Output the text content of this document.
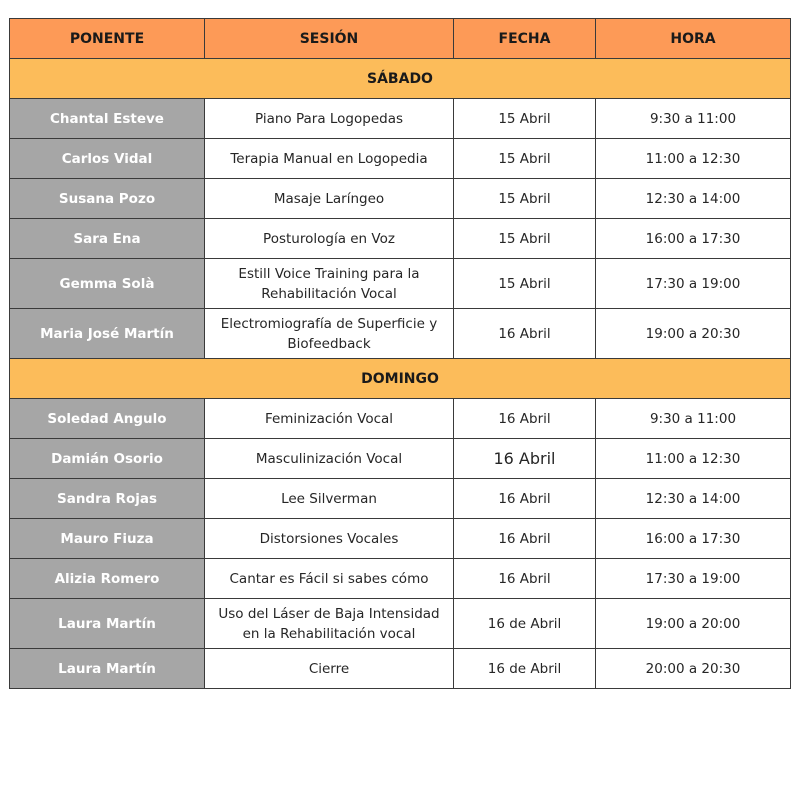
PONENTE	SESIÓN	FECHA	HORA
SÁBADO			
Chantal Esteve	Piano Para Logopedas	15 Abril	9:30 a 11:00
Carlos Vidal	Terapia Manual en Logopedia	15 Abril	11:00 a 12:30
Susana Pozo	Masaje Laríngeo	15 Abril	12:30 a 14:00
Sara Ena	Posturología en Voz	15 Abril	16:00 a 17:30
Gemma Solà	Estill Voice Training para la Rehabilitación Vocal	15 Abril	17:30 a 19:00
Maria José Martín	Electromiografía de Superficie y Biofeedback	16 Abril	19:00 a 20:30
DOMINGO			
Soledad Angulo	Feminización Vocal	16 Abril	9:30 a 11:00
Damián Osorio	Masculinización Vocal	16 Abril	11:00 a 12:30
Sandra Rojas	Lee Silverman	16 Abril	12:30 a 14:00
Mauro Fiuza	Distorsiones Vocales	16 Abril	16:00 a 17:30
Alizia Romero	Cantar es Fácil si sabes cómo	16 Abril	17:30 a 19:00
Laura Martín	Uso del Láser de Baja Intensidad en la Rehabilitación vocal	16 de Abril	19:00 a 20:00
Laura Martín	Cierre	16 de Abril	20:00 a 20:30
